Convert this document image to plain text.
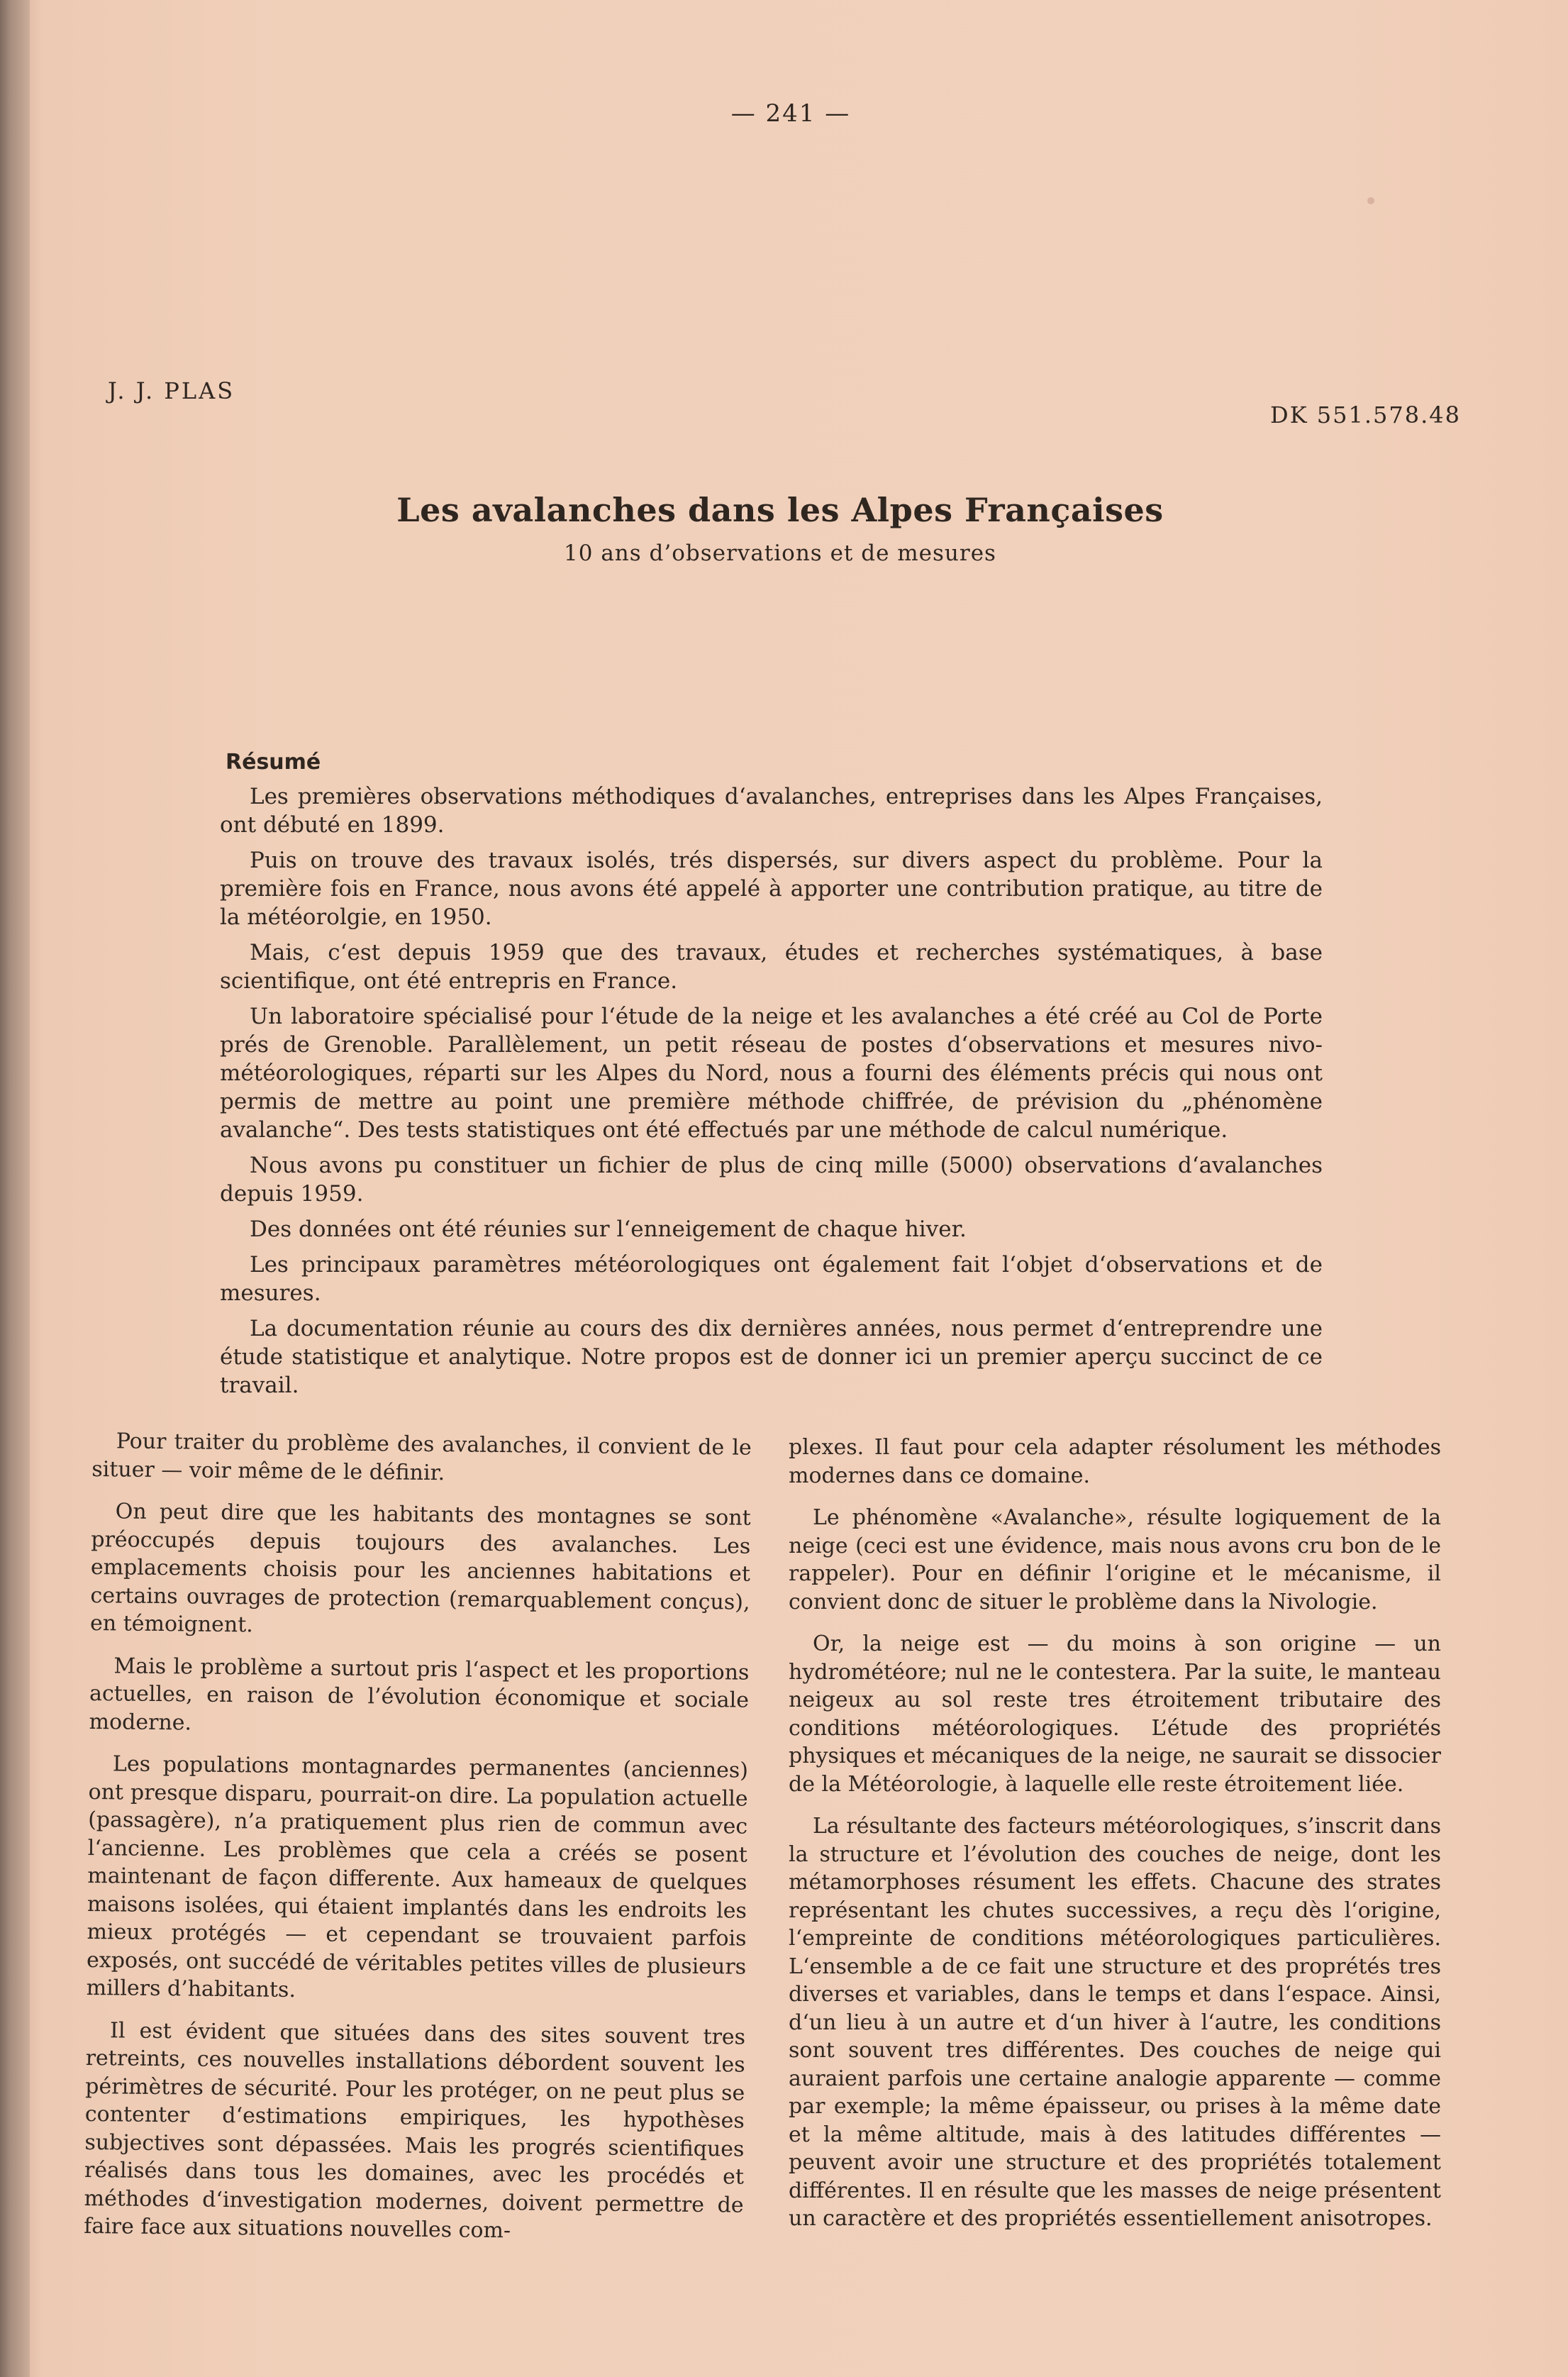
— 241 —
J. J. PLAS
DK 551.578.48
Les avalanches dans les Alpes Françaises
10 ans d’observations et de mesures
Résumé

Les premières observations méthodiques d‘avalanches, entreprises dans les Alpes Françaises, ont débuté en 1899.

Puis on trouve des travaux isolés, trés dispersés, sur divers aspect du problème. Pour la première fois en France, nous avons été appelé à apporter une contribution pratique, au titre de la météorolgie, en 1950.

Mais, c‘est depuis 1959 que des travaux, études et recherches systématiques, à base scientifique, ont été entrepris en France.

Un laboratoire spécialisé pour l‘étude de la neige et les avalanches a été créé au Col de Porte prés de Grenoble. Parallèlement, un petit réseau de postes d‘observations et mesures nivo-météorologiques, réparti sur les Alpes du Nord, nous a fourni des éléments précis qui nous ont permis de mettre au point une première méthode chiffrée, de prévision du „phénomène avalanche“. Des tests statistiques ont été effectués par une méthode de calcul numérique.

Nous avons pu constituer un fichier de plus de cinq mille (5000) observations d‘avalanches depuis 1959.

Des données ont été réunies sur l‘enneigement de chaque hiver.

Les principaux paramètres météorologiques ont également fait l‘objet d‘observations et de mesures.

La documentation réunie au cours des dix dernières années, nous permet d‘entreprendre une étude statistique et analytique. Notre propos est de donner ici un premier aperçu succinct de ce travail.

Pour traiter du problème des avalanches, il convient de le situer — voir même de le définir.

On peut dire que les habitants des montagnes se sont préoccupés depuis toujours des avalanches. Les emplacements choisis pour les anciennes habitations et certains ouvrages de protection (remarquablement conçus), en témoignent.

Mais le problème a surtout pris l‘aspect et les proportions actuelles, en raison de l’évolution économique et sociale moderne.

Les populations montagnardes permanentes (anciennes) ont presque disparu, pourrait-on dire. La population actuelle (passagère), n’a pratiquement plus rien de commun avec l‘ancienne. Les problèmes que cela a créés se posent maintenant de façon differente. Aux hameaux de quelques maisons isolées, qui étaient implantés dans les endroits les mieux protégés — et cependant se trouvaient parfois exposés, ont succédé de véritables petites villes de plusieurs millers d’habitants.

Il est évident que situées dans des sites souvent tres retreints, ces nouvelles installations débordent souvent les périmètres de sécurité. Pour les protéger, on ne peut plus se contenter d‘estimations empiriques, les hypothèses subjectives sont dépassées. Mais les progrés scientifiques réalisés dans tous les domaines, avec les procédés et méthodes d‘investigation modernes, doivent permettre de faire face aux situations nouvelles com-

plexes. Il faut pour cela adapter résolument les méthodes modernes dans ce domaine.

Le phénomène «Avalanche», résulte logiquement de la neige (ceci est une évidence, mais nous avons cru bon de le rappeler). Pour en définir l‘origine et le mécanisme, il convient donc de situer le problème dans la Nivologie.

Or, la neige est — du moins à son origine — un hydrométéore; nul ne le contestera. Par la suite, le manteau neigeux au sol reste tres étroitement tributaire des conditions météorologiques. L’étude des propriétés physiques et mécaniques de la neige, ne saurait se dissocier de la Météorologie, à laquelle elle reste étroitement liée.

La résultante des facteurs météorologiques, s’inscrit dans la structure et l’évolution des couches de neige, dont les métamorphoses résument les effets. Chacune des strates représentant les chutes successives, a reçu dès l‘origine, l‘empreinte de conditions météorologiques particulières. L‘ensemble a de ce fait une structure et des proprétés tres diverses et variables, dans le temps et dans l‘espace. Ainsi, d‘un lieu à un autre et d‘un hiver à l‘autre, les conditions sont souvent tres différentes. Des couches de neige qui auraient parfois une certaine analogie apparente — comme par exemple; la même épaisseur, ou prises à la même date et la même altitude, mais à des latitudes différentes — peuvent avoir une structure et des propriétés totalement différentes. Il en résulte que les masses de neige présentent un caractère et des propriétés essentiellement anisotropes.
